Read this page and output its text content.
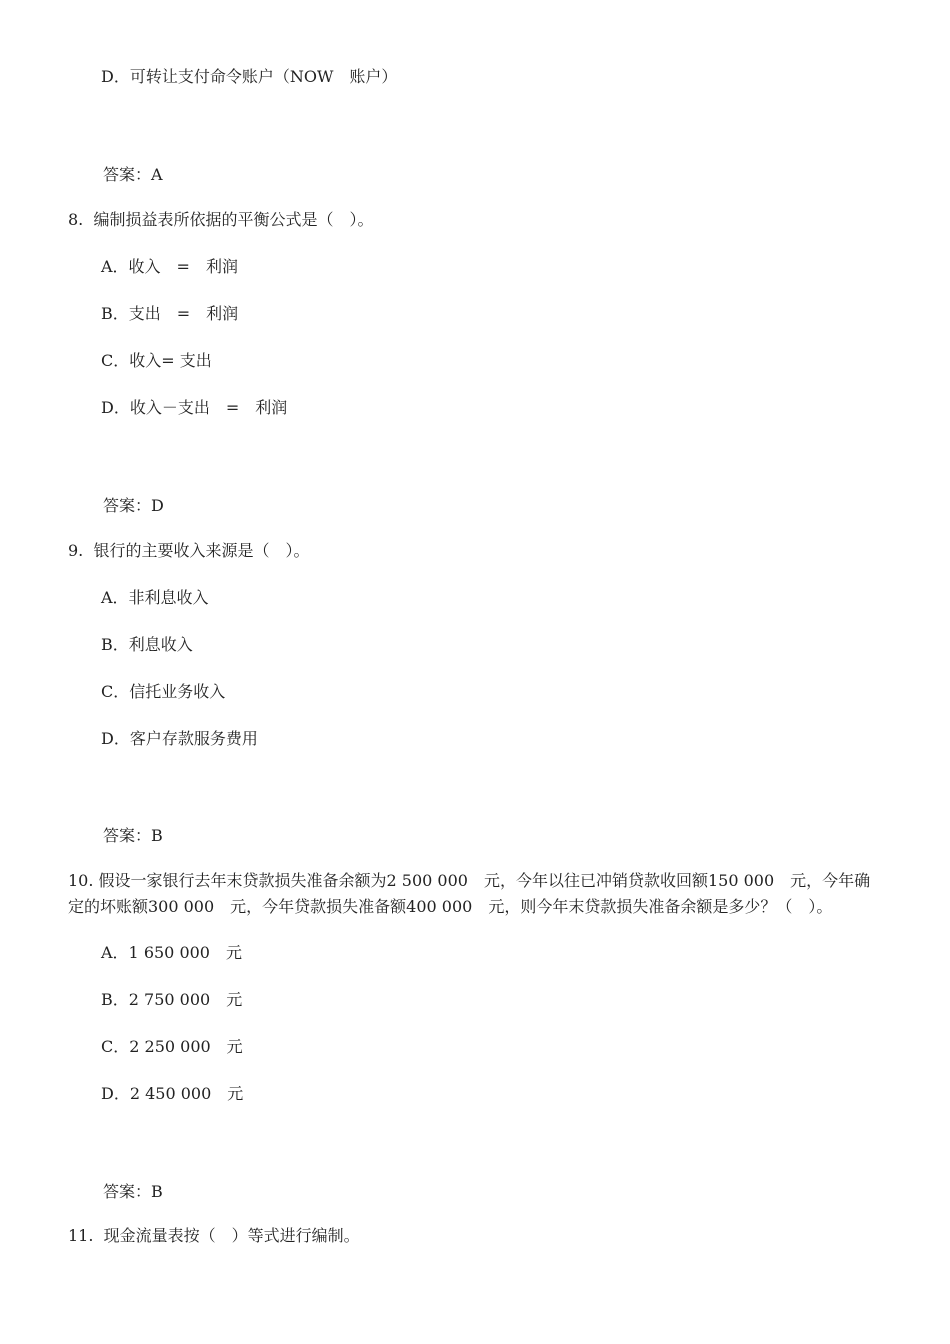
D．可转让支付命令账户（NOW　账户）
答案：A
8.  编制损益表所依据的平衡公式是（　）。
A．收入　=　利润
B．支出　=　利润
C．收入= 支出
D．收入－支出　=　利润
答案：D
9.  银行的主要收入来源是（　）。
A．非利息收入
B．利息收入
C．信托业务收入
D．客户存款服务费用
答案：B
10. 假设一家银行去年末贷款损失准备余额为2 500 000　元，今年以往已冲销贷款收回额150 000　元，今年确定的坏账额300 000　元，今年贷款损失准备额400 000　元，则今年末贷款损失准备余额是多少？（　）。
A．1 650 000　元
B．2 750 000　元
C．2 250 000　元
D．2 450 000　元
答案：B
11.  现金流量表按（　）等式进行编制。
